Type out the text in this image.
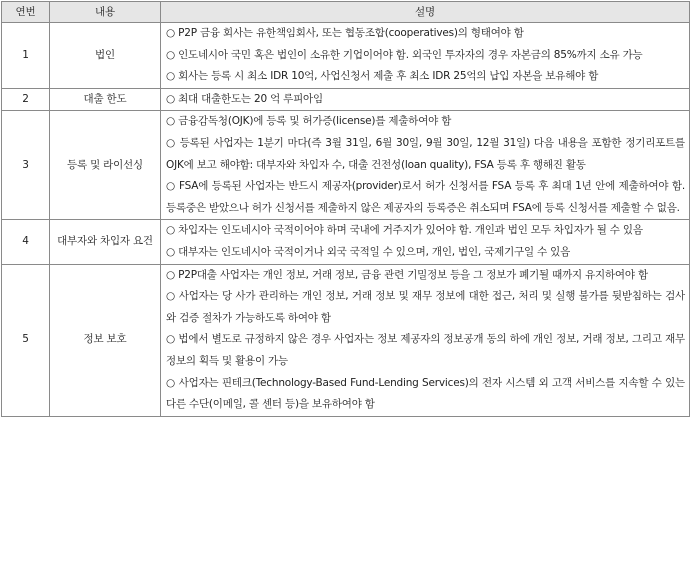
연번	내용	설명
1	법인	○ P2P 금융 회사는 유한책임회사, 또는 협동조합(cooperatives)의 형태여야 함
○ 인도네시아 국민 혹은 법인이 소유한 기업이어야 함. 외국인 투자자의 경우 자본금의 85%까지 소유 가능
○ 회사는 등록 시 최소 IDR 10억, 사업신청서 제출 후 최소 IDR 25억의 납입 자본을 보유해야 함

2	대출 한도	○ 최대 대출한도는 20 억 루피아임

3	등록 및 라이선싱	○ 금융감독청(OJK)에 등록 및 허가증(license)를 제출하여야 함
○ 등록된 사업자는 1분기 마다(즉 3월 31일, 6월 30일, 9월 30일, 12월 31일) 다음 내용을 포함한 정기리포트를 OJK에 보고 해야함: 대부자와 차입자 수, 대출 건전성(loan quality), FSA 등록 후 행해진 활동
○ FSA에 등록된 사업자는 반드시 제공자(provider)로서 허가 신청서를 FSA 등록 후 최대 1년 안에 제출하여야 함. 등록중은 받았으나 허가 신청서를 제출하지 않은 제공자의 등록증은 취소되며 FSA에 등록 신청서를 제출할 수 없음.

4	대부자와 차입자 요건	○ 차입자는 인도네시아 국적이어야 하며 국내에 거주지가 있어야 함. 개인과 법인 모두 차입자가 될 수 있음
○ 대부자는 인도네시아 국적이거나 외국 국적일 수 있으며, 개인, 법인, 국제기구일 수 있음

5	정보 보호	○ P2P대출 사업자는 개인 정보, 거래 정보, 금융 관련 기밀정보 등을 그 정보가 폐기될 때까지 유지하여야 함
○ 사업자는 당 사가 관리하는 개인 정보, 거래 정보 및 재무 정보에 대한 접근, 처리 및 실행 불가를 뒷받침하는 검사와 검증 절차가 가능하도록 하여야 함
○ 법에서 별도로 규정하지 않은 경우 사업자는 정보 제공자의 정보공개 동의 하에 개인 정보, 거래 정보, 그리고 재무 정보의 획득 및 활용이 가능
○ 사업자는 핀테크(Technology-Based Fund-Lending Services)의 전자 시스템 외 고객 서비스를 지속할 수 있는 다른 수단(이메일, 콜 센터 등)을 보유하여야 함
